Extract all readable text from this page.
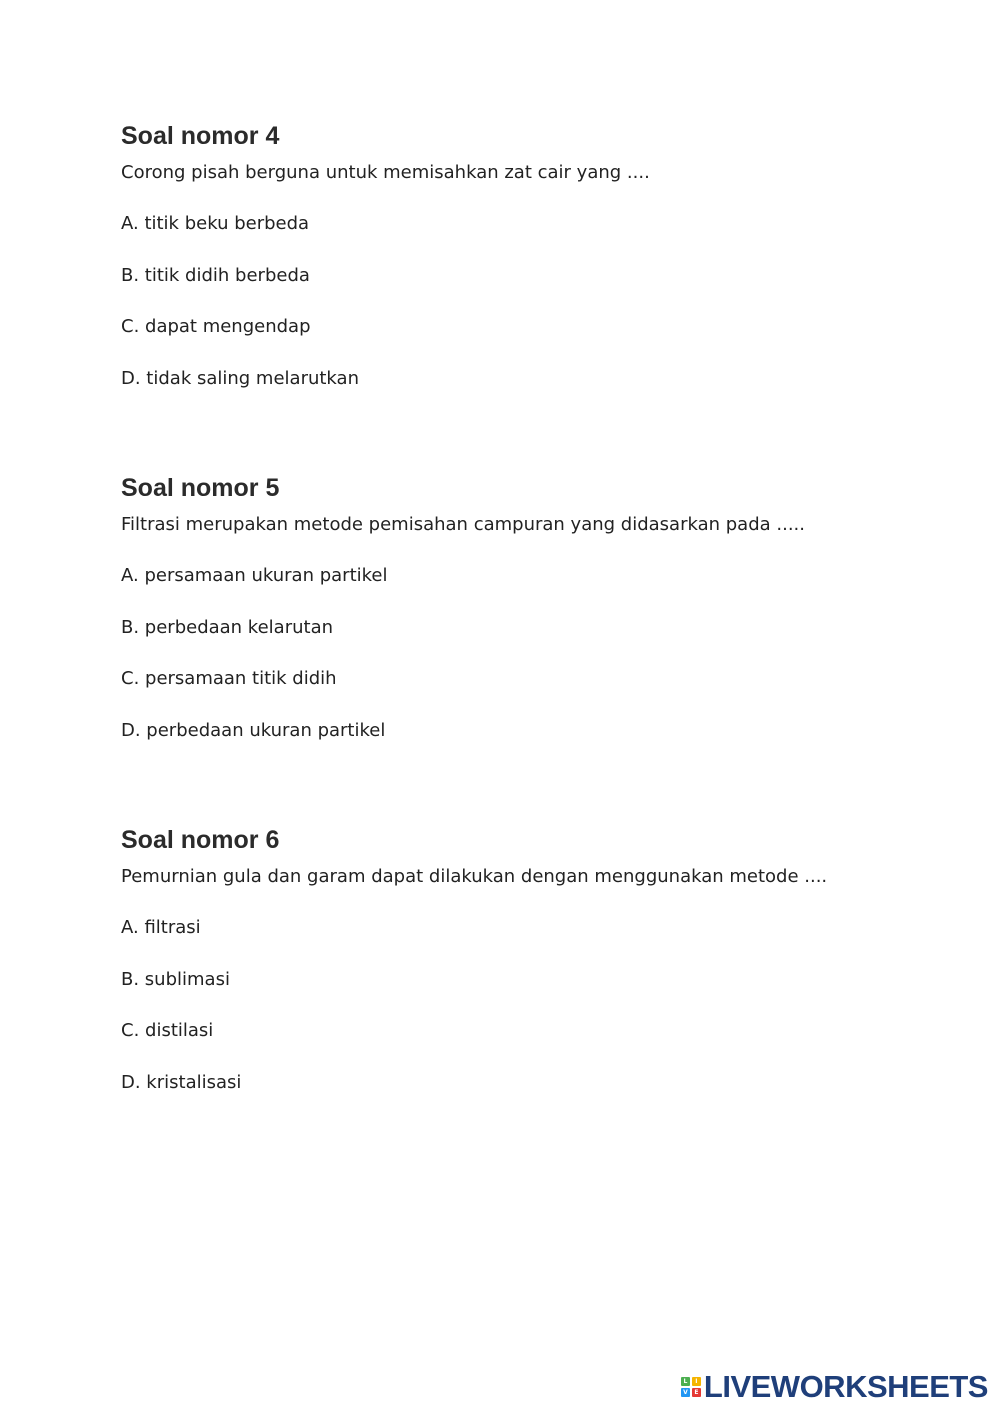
Soal nomor 4
Corong pisah berguna untuk memisahkan zat cair yang ....
A. titik beku berbeda
B. titik didih berbeda
C. dapat mengendap
D. tidak saling melarutkan
Soal nomor 5
Filtrasi merupakan metode pemisahan campuran yang didasarkan pada .....
A. persamaan ukuran partikel
B. perbedaan kelarutan
C. persamaan titik didih
D. perbedaan ukuran partikel
Soal nomor 6
Pemurnian gula dan garam dapat dilakukan dengan menggunakan metode ....
A. filtrasi
B. sublimasi
C. distilasi
D. kristalisasi
L	I
V	E LIVEWORKSHEETS
